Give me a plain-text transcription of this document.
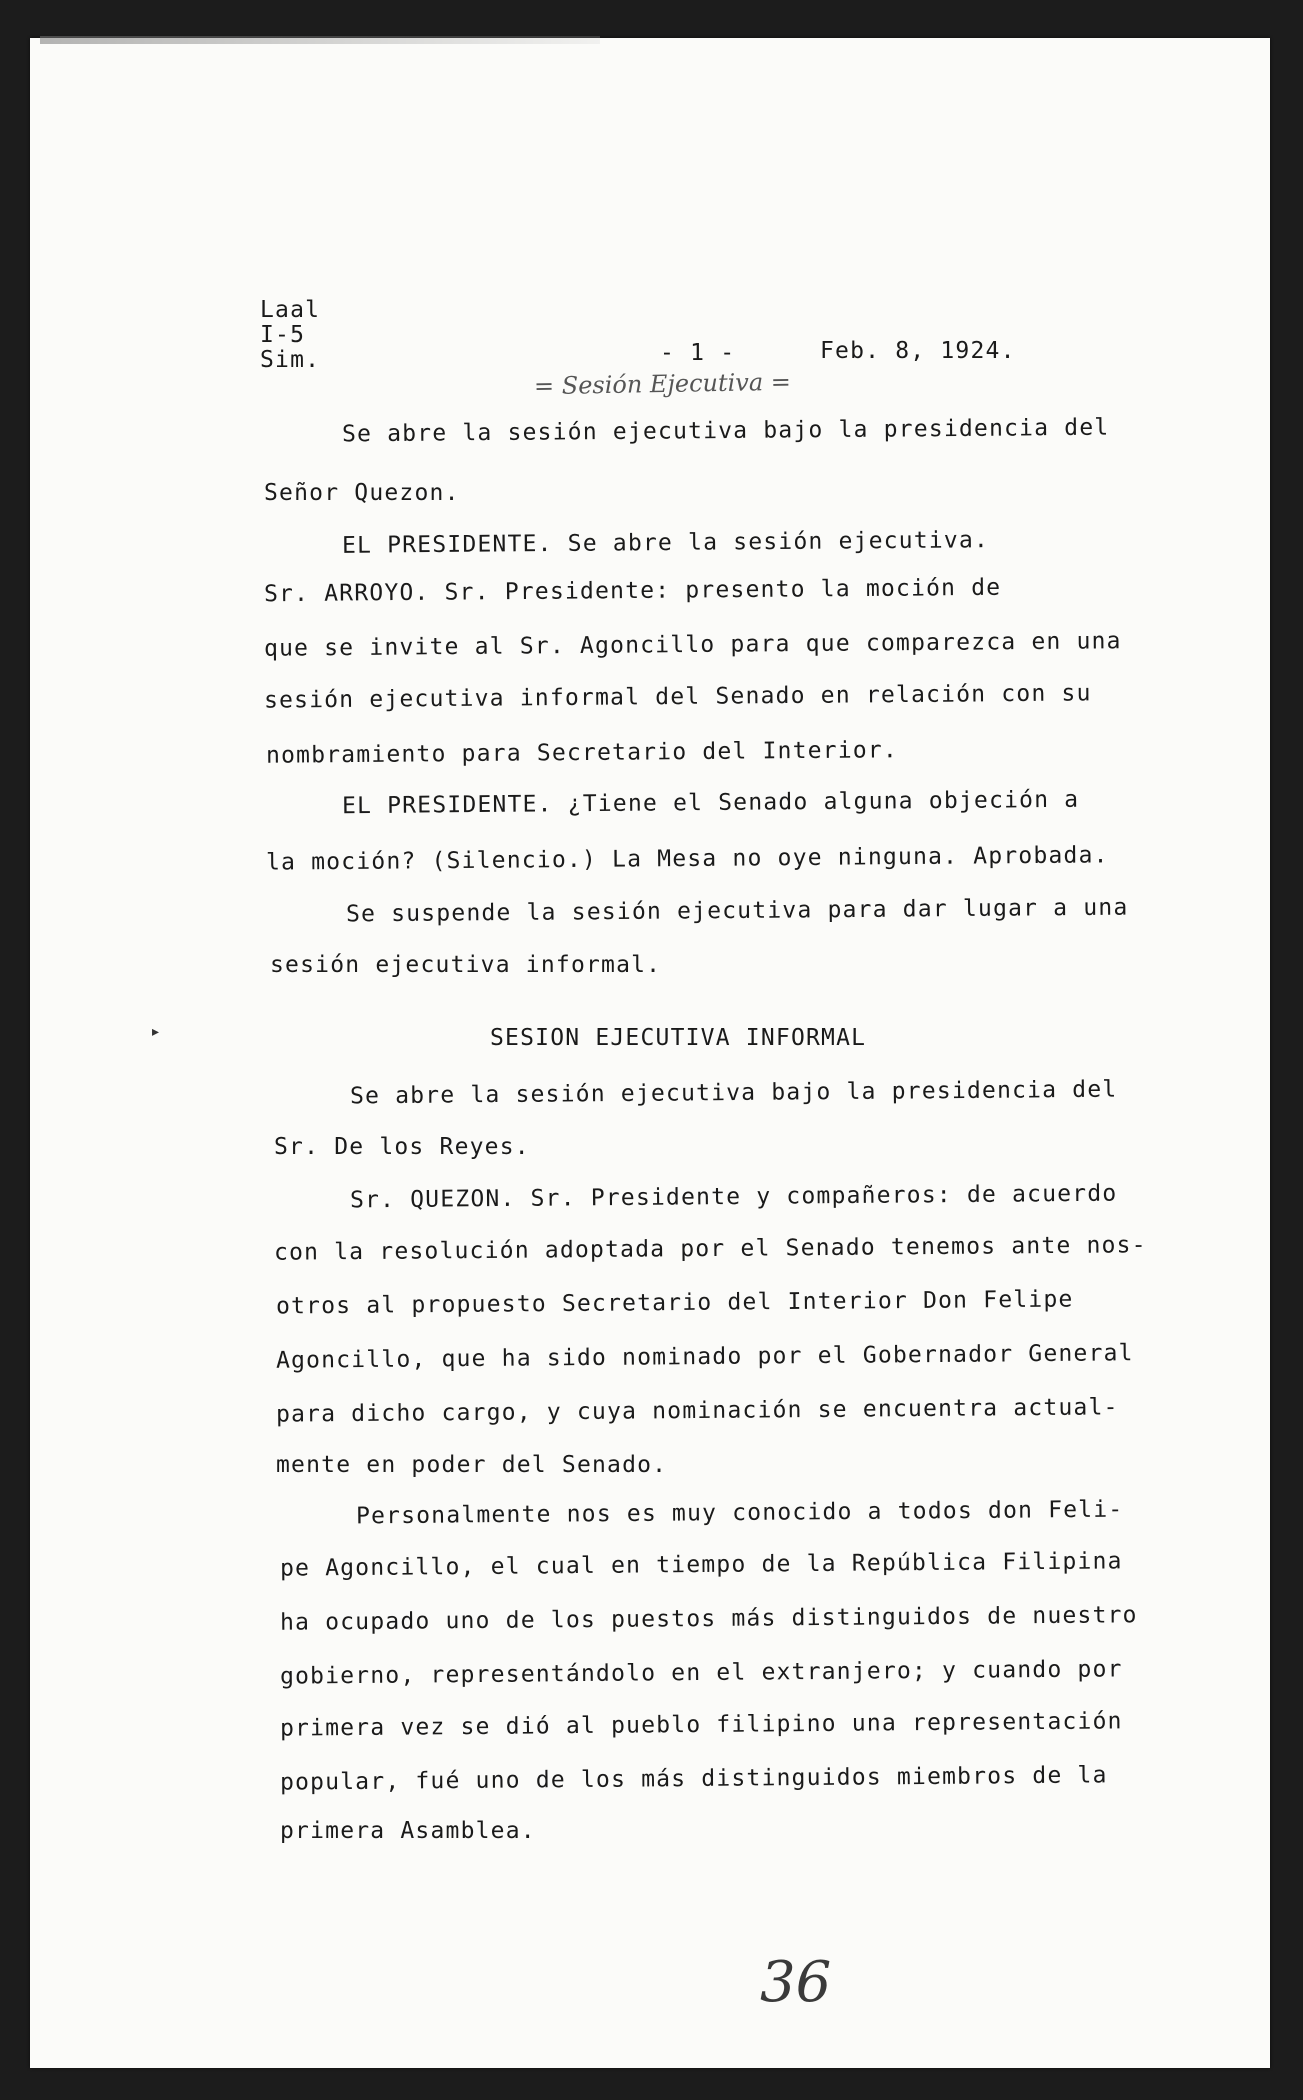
Laal
I-5
Sim.	- 1 -	Feb. 8, 1924.
= Sesión Ejecutiva =
Se abre la sesión ejecutiva bajo la presidencia del
Señor Quezon.
EL PRESIDENTE. Se abre la sesión ejecutiva.
Sr. ARROYO. Sr. Presidente: presento la moción de
que se invite al Sr. Agoncillo para que comparezca en una
sesión ejecutiva informal del Senado en relación con su
nombramiento para Secretario del Interior.
EL PRESIDENTE. ¿Tiene el Senado alguna objeción a
la moción? (Silencio.) La Mesa no oye ninguna. Aprobada.
Se suspende la sesión ejecutiva para dar lugar a una
sesión ejecutiva informal.
SESION EJECUTIVA INFORMAL
Se abre la sesión ejecutiva bajo la presidencia del
Sr. De los Reyes.
Sr. QUEZON. Sr. Presidente y compañeros: de acuerdo
con la resolución adoptada por el Senado tenemos ante nos-
otros al propuesto Secretario del Interior Don Felipe
Agoncillo, que ha sido nominado por el Gobernador General
para dicho cargo, y cuya nominación se encuentra actual-
mente en poder del Senado.
Personalmente nos es muy conocido a todos don Feli-
pe Agoncillo, el cual en tiempo de la República Filipina
ha ocupado uno de los puestos más distinguidos de nuestro
gobierno, representándolo en el extranjero; y cuando por
primera vez se dió al pueblo filipino una representación
popular, fué uno de los más distinguidos miembros de la
primera Asamblea.
36
▸
